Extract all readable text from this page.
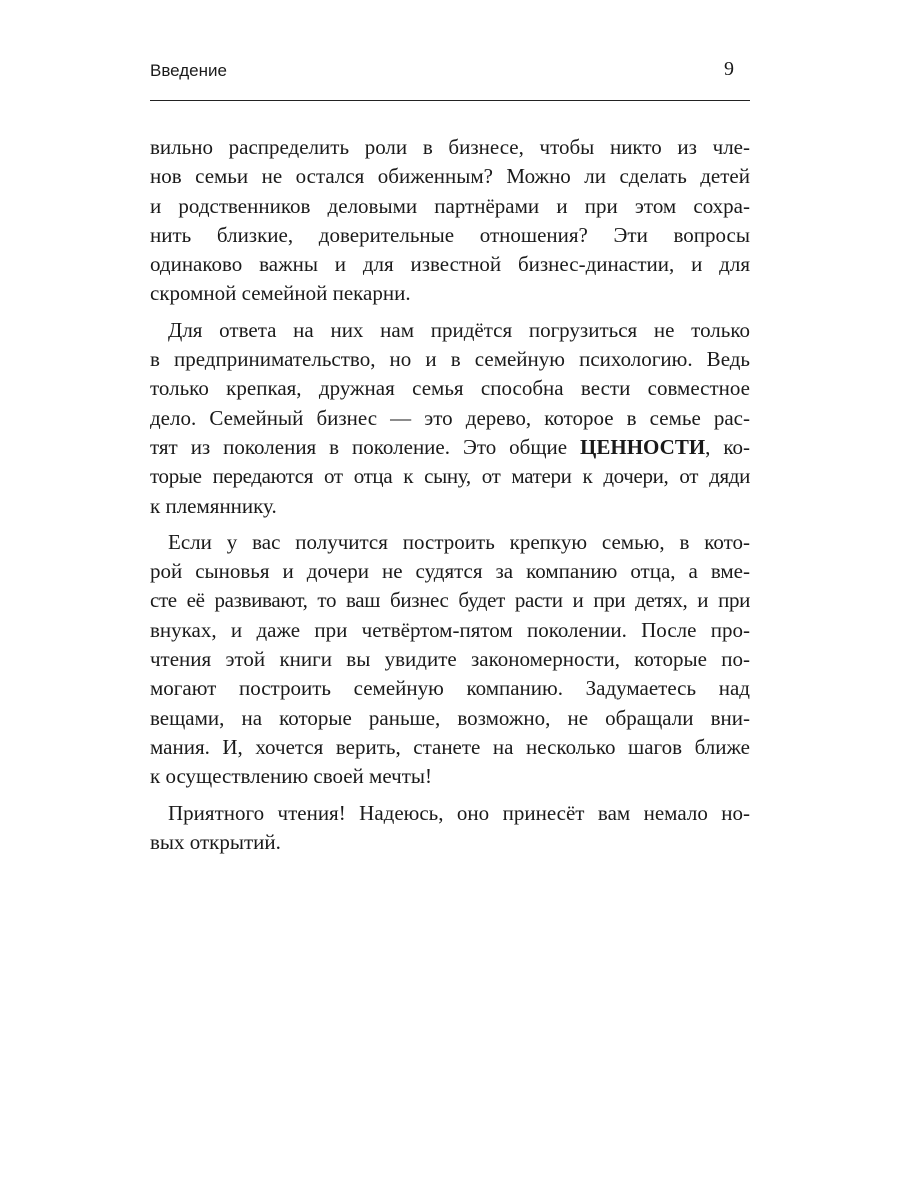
Введение	9

вильно распределить роли в бизнесе, чтобы никто из чле-
нов семьи не остался обиженным? Можно ли сделать детей
и родственников деловыми партнёрами и при этом сохра-
нить близкие, доверительные отношения? Эти вопросы
одинаково важны и для известной бизнес-династии, и для
скромной семейной пекарни.

Для ответа на них нам придётся погрузиться не только
в предпринимательство, но и в семейную психологию. Ведь
только крепкая, дружная семья способна вести совместное
дело. Семейный бизнес — это дерево, которое в семье рас-
тят из поколения в поколение. Это общие ЦЕННОСТИ, ко-
торые передаются от отца к сыну, от матери к дочери, от дяди
к племяннику.

Если у вас получится построить крепкую семью, в кото-
рой сыновья и дочери не судятся за компанию отца, а вме-
сте её развивают, то ваш бизнес будет расти и при детях, и при
внуках, и даже при четвёртом-пятом поколении. После про-
чтения этой книги вы увидите закономерности, которые по-
могают построить семейную компанию. Задумаетесь над
вещами, на которые раньше, возможно, не обращали вни-
мания. И, хочется верить, станете на несколько шагов ближе
к осуществлению своей мечты!

Приятного чтения! Надеюсь, оно принесёт вам немало но-
вых открытий.
